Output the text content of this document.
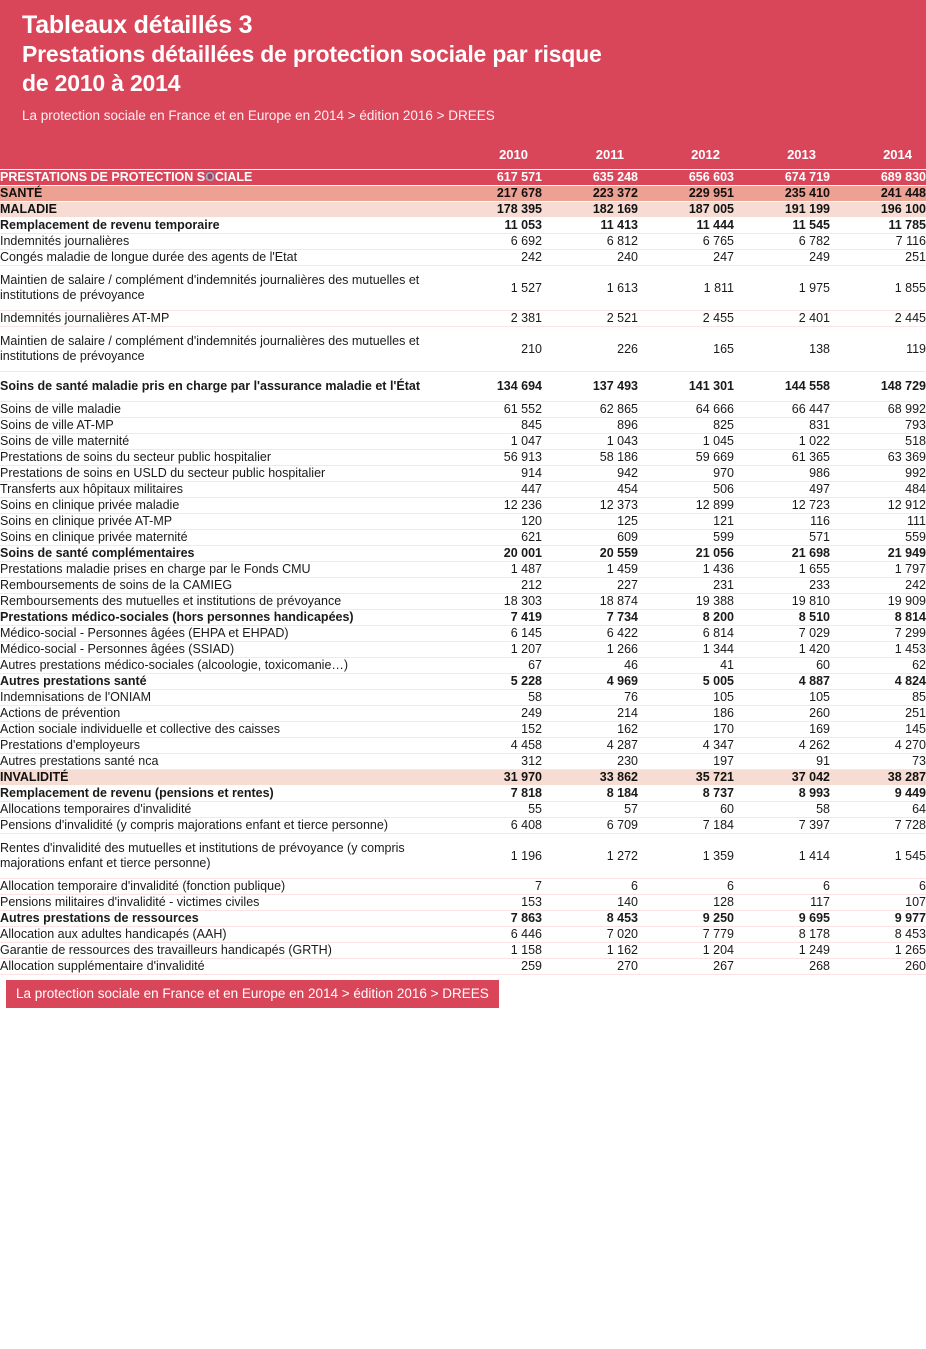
Tableaux détaillés 3
Prestations détaillées de protection sociale par risque
de 2010 à 2014
La protection sociale en France et en Europe en 2014 > édition 2016 > DREES
	2010	2011	2012	2013	2014
PRESTATIONS DE PROTECTION SOCIALE	617 571	635 248	656 603	674 719	689 830
SANTÉ	217 678	223 372	229 951	235 410	241 448
MALADIE	178 395	182 169	187 005	191 199	196 100
Remplacement de revenu temporaire	11 053	11 413	11 444	11 545	11 785
Indemnités journalières	6 692	6 812	6 765	6 782	7 116
Congés maladie de longue durée des agents de l'Etat	242	240	247	249	251
Maintien de salaire / complément d'indemnités journalières des mutuelles et institutions de prévoyance	1 527	1 613	1 811	1 975	1 855
Indemnités journalières AT-MP	2 381	2 521	2 455	2 401	2 445
Maintien de salaire / complément d'indemnités journalières des mutuelles et institutions de prévoyance	210	226	165	138	119
Soins de santé maladie pris en charge par l'assurance maladie et l'État	134 694	137 493	141 301	144 558	148 729
Soins de ville maladie	61 552	62 865	64 666	66 447	68 992
Soins de ville AT-MP	845	896	825	831	793
Soins de ville maternité	1 047	1 043	1 045	1 022	518
Prestations de soins du secteur public hospitalier	56 913	58 186	59 669	61 365	63 369
Prestations de soins en USLD du secteur public hospitalier	914	942	970	986	992
Transferts aux hôpitaux militaires	447	454	506	497	484
Soins en clinique privée maladie	12 236	12 373	12 899	12 723	12 912
Soins en clinique privée AT-MP	120	125	121	116	111
Soins en clinique privée maternité	621	609	599	571	559
Soins de santé complémentaires	20 001	20 559	21 056	21 698	21 949
Prestations maladie prises en charge par le Fonds CMU	1 487	1 459	1 436	1 655	1 797
Remboursements de soins de la CAMIEG	212	227	231	233	242
Remboursements des mutuelles et institutions de prévoyance	18 303	18 874	19 388	19 810	19 909
Prestations médico-sociales (hors personnes handicapées)	7 419	7 734	8 200	8 510	8 814
Médico-social - Personnes âgées (EHPA et EHPAD)	6 145	6 422	6 814	7 029	7 299
Médico-social - Personnes âgées (SSIAD)	1 207	1 266	1 344	1 420	1 453
Autres prestations médico-sociales (alcoologie, toxicomanie…)	67	46	41	60	62
Autres prestations santé	5 228	4 969	5 005	4 887	4 824
Indemnisations de l'ONIAM	58	76	105	105	85
Actions de prévention	249	214	186	260	251
Action sociale individuelle et collective des caisses	152	162	170	169	145
Prestations d'employeurs	4 458	4 287	4 347	4 262	4 270
Autres prestations santé nca	312	230	197	91	73
INVALIDITÉ	31 970	33 862	35 721	37 042	38 287
Remplacement de revenu (pensions et rentes)	7 818	8 184	8 737	8 993	9 449
Allocations temporaires d'invalidité	55	57	60	58	64
Pensions d'invalidité (y compris majorations enfant et tierce personne)	6 408	6 709	7 184	7 397	7 728
Rentes d'invalidité des mutuelles et institutions de prévoyance (y compris majorations enfant et tierce personne)	1 196	1 272	1 359	1 414	1 545
Allocation temporaire d'invalidité (fonction publique)	7	6	6	6	6
Pensions militaires d'invalidité - victimes civiles	153	140	128	117	107
Autres prestations de ressources	7 863	8 453	9 250	9 695	9 977
Allocation aux adultes handicapés (AAH)	6 446	7 020	7 779	8 178	8 453
Garantie de ressources des travailleurs handicapés (GRTH)	1 158	1 162	1 204	1 249	1 265
Allocation supplémentaire d'invalidité	259	270	267	268	260
La protection sociale en France et en Europe en 2014 > édition 2016 > DREES
